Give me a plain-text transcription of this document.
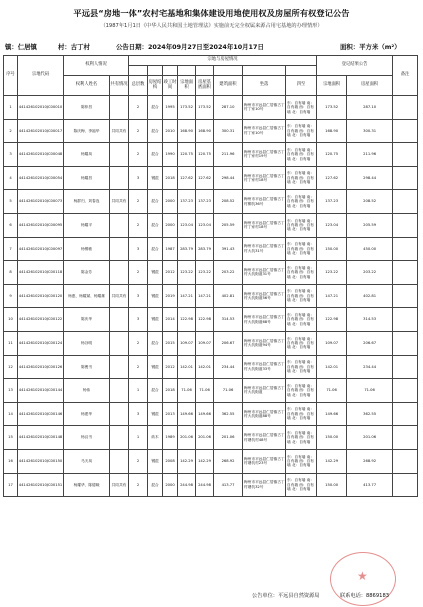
平远县“房地一体”农村宅基地和集体建设用地使用权及房屋所有权登记公告
（1987年1月1日《中华人民共和国土地管理法》实施前无完全权属来源占用宅基地的办理情形）
镇：仁居镇	村：古丁村	公告日期：2024年09月27日至2024年10月17日	面积：平方米（m²）
序号	宗地代码	权利人情况		宗地与房屋情况								登记结果公告		备注

		权利人姓名	共有情况	总层数	房屋结构	竣工时间	宗地面积	房屋基底面积	建筑面积	坐落	四至	宗地面积	房屋面积	
1	441426102010JC00010	陈仲昌		2	混合	1995	173.52	173.52	287.10	梅州市平远县仁居镇古丁村丁家10号	东：自有墙 南：自有墙 西：自有墙 北：自有墙	173.52	287.10	
2	441426102010JC00017	陈庆梅、李福华	共同共有	2	混合	2010	168.90	168.90	300.31	梅州市平远县仁居镇古丁村丁家10号	东：自有墙 南：自有墙 西：自有墙 北：自有墙	168.90	300.31	
3	441426102010JC00048	杨耀凤		2	混合	1990	120.75	120.75	211.96	梅州市平远县仁居镇古丁村丁家村19号	东：自有墙 南：自有墙 西：自有墙 北：自有墙	120.75	211.96	
4	441426102010JC00054	杨耀昌		3	钢混	2018	127.62	127.62	298.44	梅州市平远县仁居镇古丁村丁家村18号	东：自有墙 南：自有墙 西：自有墙 北：自有墙	127.62	298.44	
5	441426102010JC00073	杨群归、刘春连	共同共有	2	混合	2000	137.23	137.23	208.52	梅州市平远县仁居镇古丁村柳坑36号	东：自有墙 南：自有墙 西：自有墙 北：自有墙	137.23	208.52	
6	441426102010JC00095	杨耀平		2	混合	2000	123.04	123.04	205.59	梅州市平远县仁居镇古丁村丁家村18号	东：自有墙 南：自有墙 西：自有墙 北：自有墙	123.04	205.59	
7	441426102010JC00097	杨锡敏		3	混合	1987	283.79	283.79	391.43	梅州市平远县仁居镇古丁村大坑31号	东：自有墙 南：自有墙 西：自有墙 北：自有墙	150.00	450.00	
8	441426102010JC00118	陈金芳		2	钢混	2012	123.22	123.22	203.22	梅州市平远县仁居镇古丁村大坑街道31号	东：自有墙 南：自有墙 西：自有墙 北：自有墙	123.22	203.22	
9	441426102010JC00120	杨惠、杨耀斌、杨耀雄	共同共有	3	钢混	2019	147.21	147.21	402.81	梅州市平远县仁居镇古丁村大坑街道56号	东：自有墙 南：自有墙 西：自有墙 北：自有墙	147.21	402.81	
10	441426102010JC00122	陈庆华		3	钢混	2014	122.98	122.98	314.53	梅州市平远县仁居镇古丁村大坑街道68号	东：自有墙 南：自有墙 西：自有墙 北：自有墙	122.98	314.53	
11	441426102010JC00124	杨谷明		2	混合	2015	109.07	109.07	206.67	梅州市平远县仁居镇古丁村大坑街道94号	东：自有墙 南：自有墙 西：自有墙 北：自有墙	109.07	206.67	
12	441426102010JC00126	陈俊书		2	钢混	2012	142.01	142.01	234.44	梅州市平远县仁居镇古丁村大坑街道33号	东：自有墙 南：自有墙 西：自有墙 北：自有墙	142.01	234.44	
13	441426102010JC00144	杨伟		1	混合	2018	71.06	71.06	71.06	梅州市平远县仁居镇古丁村大坑街道	东：自有墙 南：自有墙 西：自有墙 北：自有墙	71.06	71.06	
14	441426102010JC00146	杨建华		3	钢混	2013	149.66	149.66	362.55	梅州市平远县仁居镇古丁村大坑街道88号	东：自有墙 南：自有墙 西：自有墙 北：自有墙	149.66	362.55	
15	441426102010JC00148	杨汉书		1	砖木	1989	201.06	201.06	201.06	梅州市平远县仁居镇古丁村塘坑村48号	东：自有墙 南：自有墙 西：自有墙 北：自有墙	150.00	201.06	
16	441426102010JC00150	马天凤		2	钢混	2008	142.29	142.29	268.92	梅州市平远县仁居镇古丁村塘坑村23号	东：自有墙 南：自有墙 西：自有墙 北：自有墙	142.29	268.92	
17	441426102010JC00151	杨耀华、陈德娥	共同共有	2	混合	2000	244.98	244.98	413.77	梅州市平远县仁居镇古丁村塘坑32号	东：自有墙 南：自有墙 西：自有墙 北：自有墙	150.00	413.77	
★
公告单位：平远县自然资源局	联系电话：8869183
